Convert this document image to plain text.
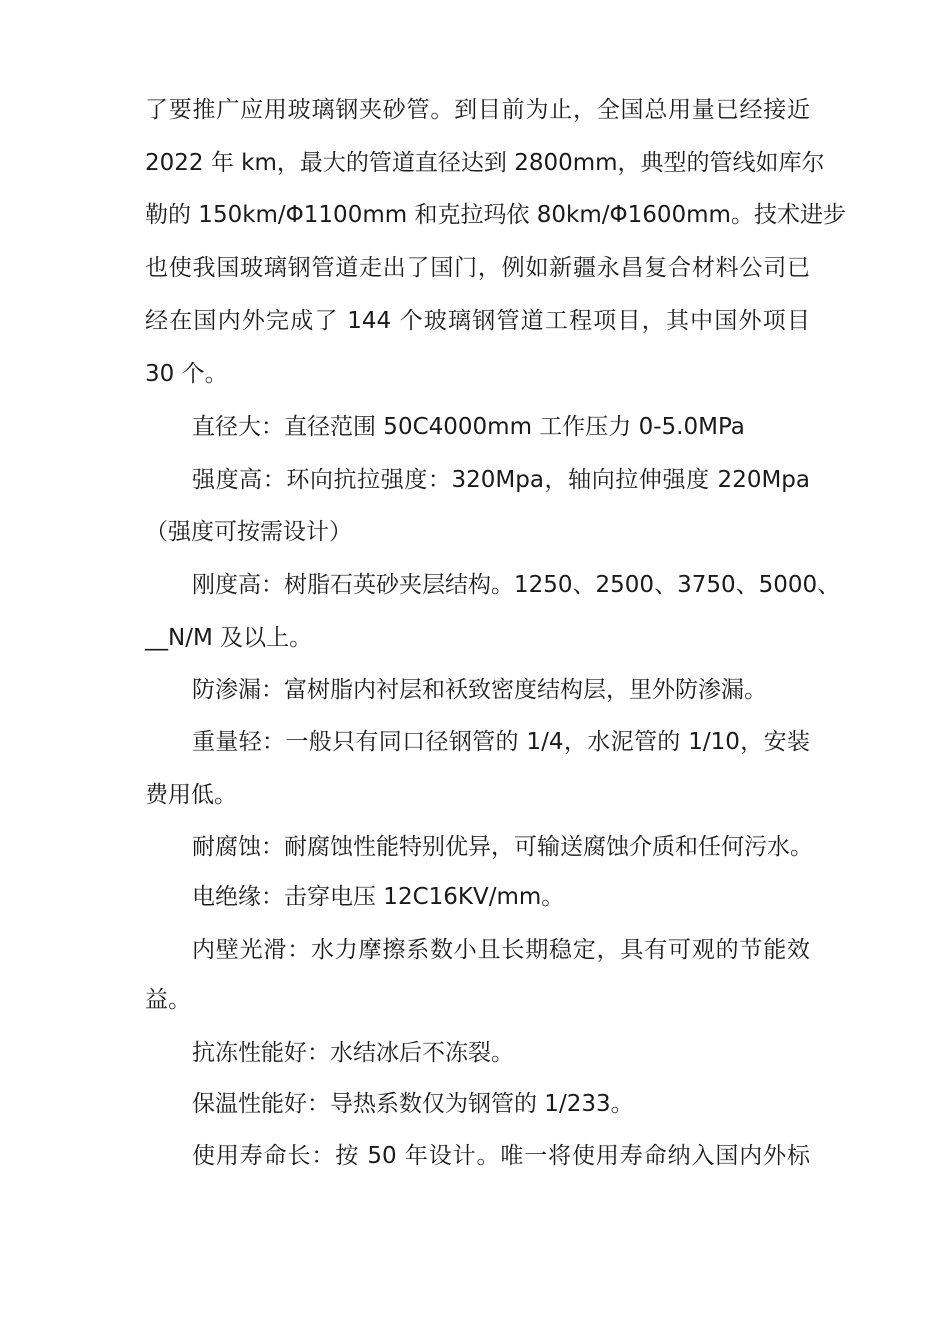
了要推广应用玻璃钢夹砂管。到目前为止，全国总用量已经接近
2022 年 km，最大的管道直径达到 2800mm，典型的管线如库尔
勒的 150km/Φ1100mm 和克拉玛依 80km/Φ1600mm。技术进步
也使我国玻璃钢管道走出了国门，例如新疆永昌复合材料公司已
经在国内外完成了 144 个玻璃钢管道工程项目，其中国外项目
30 个。
直径大：直径范围 50C4000mm 工作压力 0-5.0MPa
强度高：环向抗拉强度：320Mpa，轴向拉伸强度 220Mpa
（强度可按需设计）
刚度高：树脂石英砂夹层结构。1250、2500、3750、5000、
__N/M 及以上。
防渗漏：富树脂内衬层和袄致密度结构层，里外防渗漏。
重量轻：一般只有同口径钢管的 1/4，水泥管的 1/10，安装
费用低。
耐腐蚀：耐腐蚀性能特别优异，可输送腐蚀介质和任何污水。
电绝缘：击穿电压 12C16KV/mm。
内壁光滑：水力摩擦系数小且长期稳定，具有可观的节能效
益。
抗冻性能好：水结冰后不冻裂。
保温性能好：导热系数仅为钢管的 1/233。
使用寿命长：按 50 年设计。唯一将使用寿命纳入国内外标
